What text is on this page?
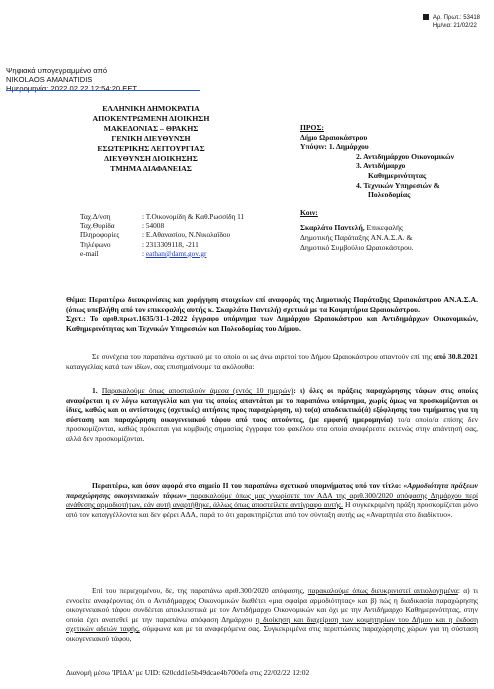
Αρ. Πρωτ.: 53418
Ημ/νια: 21/02/22
Ψηφιακά υπογεγραμμένο από
NIKOLAOS AMANATIDIS
Ημερομηνία: 2022.02.22 12:54:20 EET
ΕΛΛΗΝΙΚΗ ΔΗΜΟΚΡΑΤΙΑ
ΑΠΟΚΕΝΤΡΩΜΕΝΗ ΔΙΟΙΚΗΣΗ
ΜΑΚΕΔΟΝΙΑΣ – ΘΡΑΚΗΣ
ΓΕΝΙΚΗ ΔΙΕΥΘΥΝΣΗ
ΕΣΩΤΕΡΙΚΗΣ ΛΕΙΤΟΥΡΓΙΑΣ
ΔΙΕΥΘΥΝΣΗ ΔΙΟΙΚΗΣΗΣ
ΤΜΗΜΑ ΔΙΑΦΑΝΕΙΑΣ
ΠΡΟΣ:
Δήμο Ωραιοκάστρου
Υπόψιν: 1. Δημάρχου
2. Αντιδημάρχου Οικονομικών
3. Αντιδήμαρχο
Καθημερινότητας
4. Τεχνικών Υπηρεσιών &
Πολεοδομίας
Κοιν:
Σκαρλάτο Παντελή, Επικεφαλής
Δημοτικής Παράταξης ΑΝ.Α.Σ.Α. &
Δημοτικό Συμβούλιο Ωραιοκάστρου.
Ταχ.Δ/νση	: Τ.Οικονομίδη & Καθ.Ρωσσίδη 11
Ταχ.Θυρίδα	: 54008
Πληροφορίες	: Ε.Αθανασίου, Ν.Νικολαΐδου
Τηλέφωνο	: 2313309118, -211
e-mail	: eathan@damt.gov.gr

Θέμα: Περαιτέρω διευκρινίσεις και χορήγηση στοιχείων επί αναφοράς της Δημοτικής Παράταξης Ωραιοκάστρου ΑΝ.Α.Σ.Α. (όπως υπεβλήθη από τον επικεφαλής αυτής κ. Σκαρλάτο Παντελή) σχετικά με τα Κοιμητήρια Ωραιοκάστρου.

Σχετ.: Το αριθ.πρωτ.1635/31-1-2022 έγγραφο υπόμνημα των Δημάρχου Ωραιοκάστρου και Αντιδημάρχων Οικονομικών, Καθημερινότητας και Τεχνικών Υπηρεσιών και Πολεοδομίας του Δήμου.

Σε συνέχεια του παραπάνω σχετικού με το οποίο οι ως άνω αιρετοί του Δήμου Ωραιοκάστρου απαντούν επί της από 30.8.2021 καταγγελίας κατά των ιδίων, σας επισημαίνουμε τα ακόλουθα:

1. Παρακαλούμε όπως αποσταλούν άμεσα (εντός 10 ημερών): ι) όλες οι πράξεις παραχώρησης τάφων στις οποίες αναφέρεται η εν λόγω καταγγελία και για τις οποίες απαντάται με το παραπάνω υπόμνημα, χωρίς όμως να προσκομίζονται οι ίδιες, καθώς και οι αντίστοιχες (σχετικές) αιτήσεις προς παραχώρηση, ιι) το(α) αποδεικτικό(ά) εξόφλησης του τιμήματος για τη σύσταση και παραχώρηση οικογενειακού τάφου από τους αιτούντες, (με εμφανή ημερομηνία) το/α οποίο/α επίσης δεν προσκομίζονται, καθώς πρόκειται για κομβικής σημασίας έγγραφα του φακέλου στα οποία αναφέρεστε εκτενώς στην απάντησή σας, αλλά δεν προσκομίζονται.

Περαιτέρω, και όσον αφορά στο σημείο ΙΙ του παραπάνω σχετικού υπομνήματος υπό τον τίτλο: «Αρμοδιότητα πράξεων παραχώρησης οικογενειακών τάφων» παρακαλούμε όπως μας γνωρίσετε τον ΑΔΑ της αριθ.300/2020 απόφασης Δημάρχου περί ανάθεσης αρμοδιοτήτων, εάν αυτή αναρτήθηκε, άλλως όπως αποστείλετε αντίγραφο αυτής. Η συγκεκριμένη πράξη προσκομίζεται μόνο από τον καταγγέλλοντα και δεν φέρει ΑΔΑ, παρά το ότι χαρακτηρίζεται από τον σύνταξη αυτής ως «Αναρτητέα στο διαδίκτυο».

Επί του περιεχομένου, δε, της παραπάνω αριθ.300/2020 απόφασης, παρακαλούμε όπως διευκρινιστεί αιτιολογημένα: α) τι εννοείτε αναφέροντας ότι ο Αντιδήμαρχος Οικονομικών διαθέτει «μια σφαίρα αρμοδιότητας» και β) πώς η διαδικασία παραχώρησης οικογενειακού τάφου συνδέεται αποκλειστικά με τον Αντιδήμαρχο Οικονομικών και όχι με την Αντιδήμαρχο Καθημερινότητας, στην οποία έχει ανατεθεί με την παραπάνω απόφαση Δημάρχου η διοίκηση και διαχείριση των κοιμητηρίων του Δήμου και η έκδοση σχετικών αδειών ταφής, σύμφωνα και με τα αναφερόμενα σας. Συγκεκριμένα στις περιπτώσεις παραχώρησης χώρων για τη σύσταση οικογενειακού τάφου,

Διανομή μέσω 'ΙΡΙΔΑ' με UID: 620cdd1e5b49dcae4b700efa στις 22/02/22 12:02
